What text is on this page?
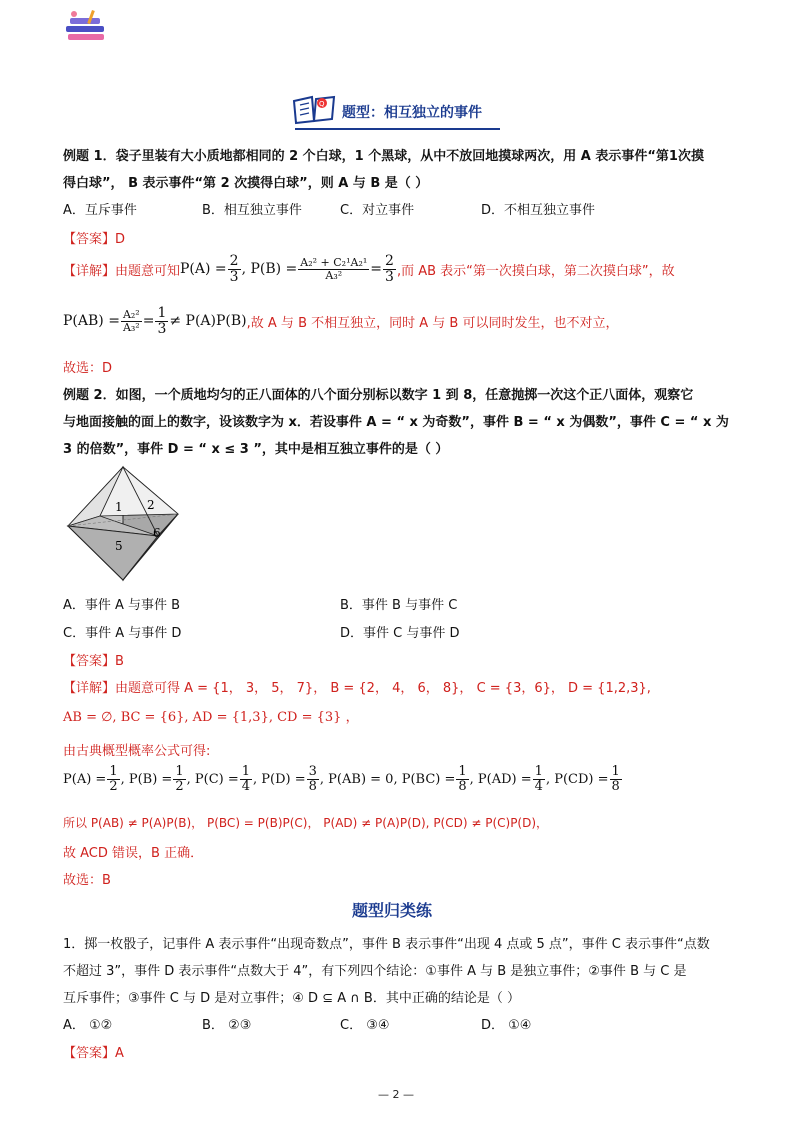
Q
题型：相互独立的事件
例题 1．袋子里装有大小质地都相同的 2 个白球，1 个黑球，从中不放回地摸球两次，用 A 表示事件“第1次摸
得白球”， B 表示事件“第 2 次摸得白球”，则 A 与 B 是（ ）
A．互斥事件	B．相互独立事件	C．对立事件	D．不相互独立事件
【答案】D
【详解】由题意可知 $P(A) = \frac{2}{3}$ , $P(B) = \frac{\text{A₂² + C₂¹A₂¹}}{\text{A₃²}} = \frac{2}{3}$ ,而 AB 表示“第一次摸白球，第二次摸白球”，故
$P(AB) = \frac{\text{A₂²}}{\text{A₃²}} = \frac{1}{3} \ne P(A)P(B)$ ,故 A 与 B 不相互独立，同时 A 与 B 可以同时发生，也不对立，
故选：D
例题 2．如图，一个质地均匀的正八面体的八个面分别标以数字 1 到 8，任意抛掷一次这个正八面体，观察它
与地面接触的面上的数字，设该数字为 x．若设事件 A = “ x 为奇数”，事件 B = “ x 为偶数”，事件 C = “ x 为
3 的倍数”，事件 D = “ x ≤ 3 ”，其中是相互独立事件的是（ ）
1 2
5
6
A．事件 A 与事件 B	B．事件 B 与事件 C
C．事件 A 与事件 D	D．事件 C 与事件 D
【答案】B
【详解】由题意可得 A = {1， 3， 5， 7}， B = {2， 4， 6， 8}， C = {3，6}， D = {1,2,3},
AB = ∅, BC = {6}, AD = {1,3}, CD = {3} ，
由古典概型概率公式可得:
$P(A) = \frac{1}{2}$ , $P(B) = \frac{1}{2}$ , $P(C) = \frac{1}{4}$ , $P(D) = \frac{3}{8}$ , P(AB) = 0, $P(BC) = \frac{1}{8}$ , $P(AD) = \frac{1}{4}$ , $P(CD) = \frac{1}{8}$
所以 P(AB) ≠ P(A)P(B)， P(BC) = P(B)P(C)， P(AD) ≠ P(A)P(D), P(CD) ≠ P(C)P(D)，
故 ACD 错误，B 正确．
故选：B
题型归类练
1．掷一枚骰子，记事件 A 表示事件“出现奇数点”，事件 B 表示事件“出现 4 点或 5 点”，事件 C 表示事件“点数
不超过 3”，事件 D 表示事件“点数大于 4”，有下列四个结论：①事件 A 与 B 是独立事件；②事件 B 与 C 是
互斥事件；③事件 C 与 D 是对立事件；④ D ⊆ A ∩ B．其中正确的结论是（ ）
A． ①②	B． ②③	C． ③④	D． ①④
【答案】A
— 2 —
